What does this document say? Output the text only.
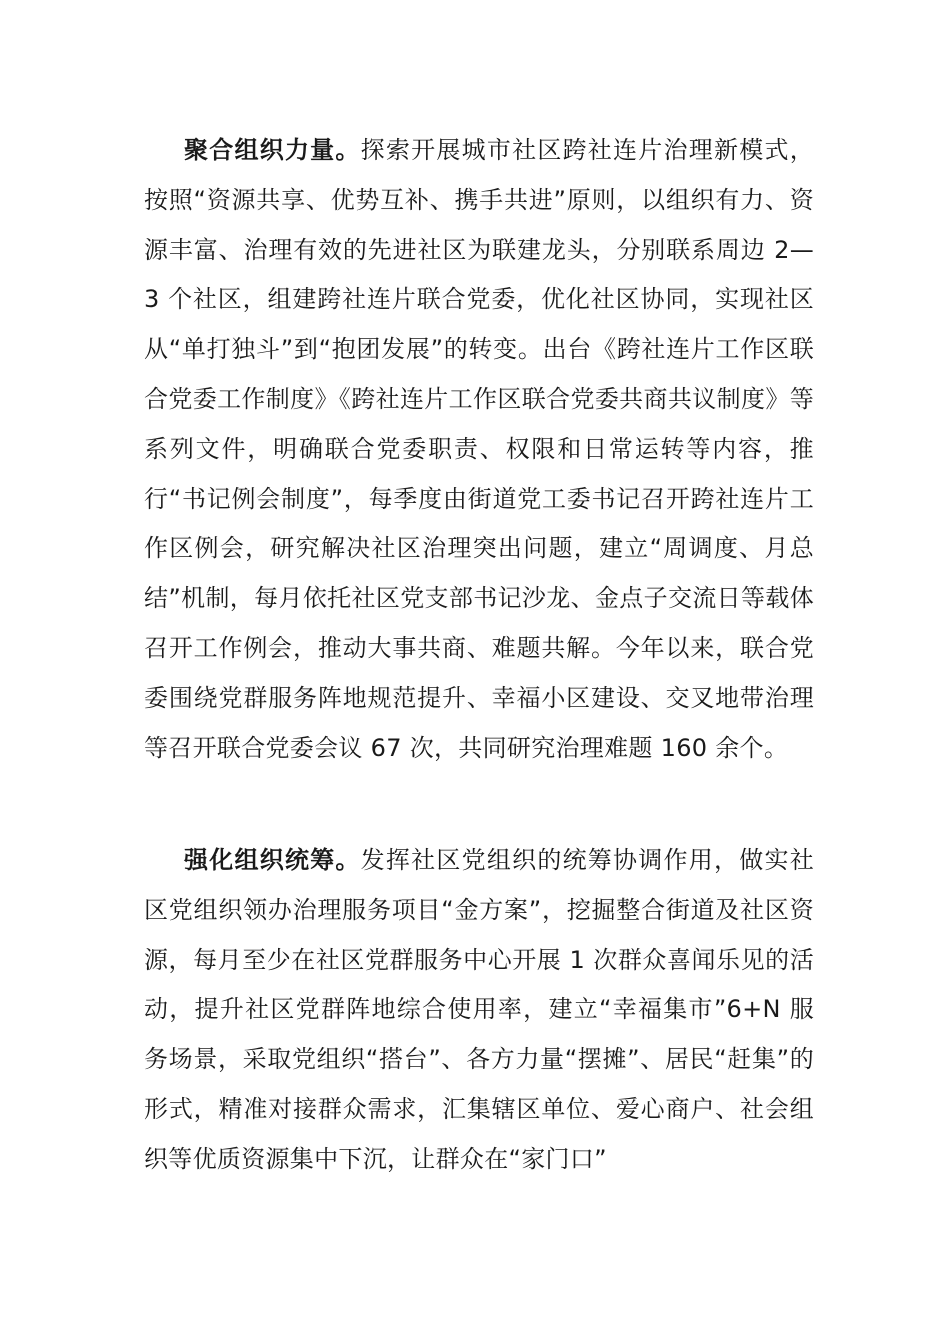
聚合组织力量。探索开展城市社区跨社连片治理新模式，按照“资源共享、优势互补、携手共进”原则，以组织有力、资源丰富、治理有效的先进社区为联建龙头，分别联系周边 2—3 个社区，组建跨社连片联合党委，优化社区协同，实现社区从“单打独斗”到“抱团发展”的转变。出台《跨社连片工作区联合党委工作制度》《跨社连片工作区联合党委共商共议制度》等系列文件，明确联合党委职责、权限和日常运转等内容，推行“书记例会制度”，每季度由街道党工委书记召开跨社连片工作区例会，研究解决社区治理突出问题，建立“周调度、月总结”机制，每月依托社区党支部书记沙龙、金点子交流日等载体召开工作例会，推动大事共商、难题共解。今年以来，联合党委围绕党群服务阵地规范提升、幸福小区建设、交叉地带治理等召开联合党委会议 67 次，共同研究治理难题 160 余个。

强化组织统筹。发挥社区党组织的统筹协调作用，做实社区党组织领办治理服务项目“金方案”，挖掘整合街道及社区资源，每月至少在社区党群服务中心开展 1 次群众喜闻乐见的活动，提升社区党群阵地综合使用率，建立“幸福集市”6+N 服务场景，采取党组织“搭台”、各方力量“摆摊”、居民“赶集”的形式，精准对接群众需求，汇集辖区单位、爱心商户、社会组织等优质资源集中下沉，让群众在“家门口”
